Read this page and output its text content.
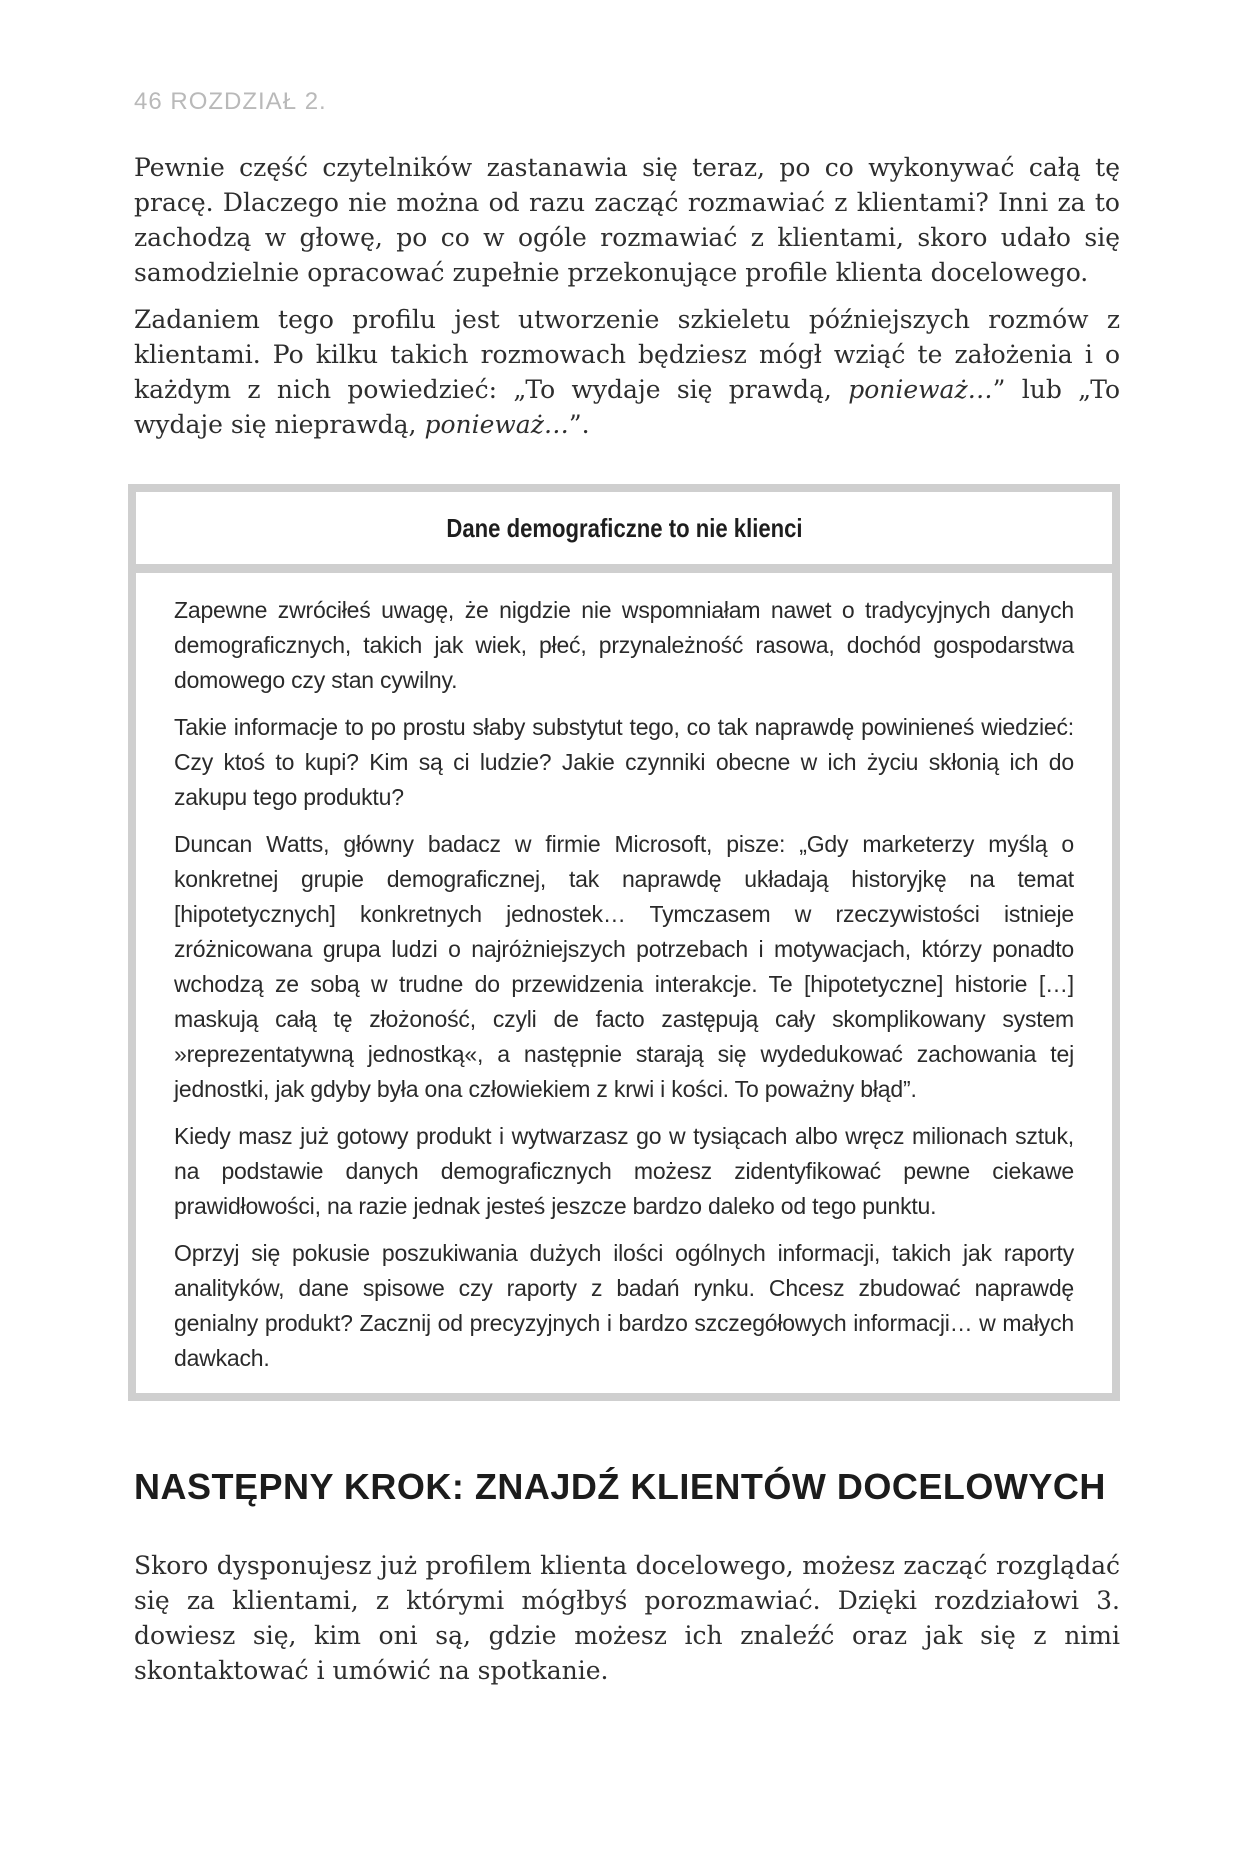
46 ROZDZIAŁ 2.

Pewnie część czytelników zastanawia się teraz, po co wykonywać całą tę pracę. Dlaczego nie można od razu zacząć rozmawiać z klientami? Inni za to zachodzą w głowę, po co w ogóle rozmawiać z klientami, skoro udało się samodzielnie opracować zupełnie przekonujące profile klienta docelowego.

Zadaniem tego profilu jest utworzenie szkieletu późniejszych rozmów z klientami. Po kilku takich rozmowach będziesz mógł wziąć te założenia i o każdym z nich powiedzieć: „To wydaje się prawdą, ponieważ…” lub „To wydaje się nieprawdą, ponieważ…”.

Dane demograficzne to nie klienci

Zapewne zwróciłeś uwagę, że nigdzie nie wspomniałam nawet o tradycyjnych danych demograficznych, takich jak wiek, płeć, przynależność rasowa, dochód gospodarstwa domowego czy stan cywilny.

Takie informacje to po prostu słaby substytut tego, co tak naprawdę powinieneś wiedzieć: Czy ktoś to kupi? Kim są ci ludzie? Jakie czynniki obecne w ich życiu skłonią ich do zakupu tego produktu?

Duncan Watts, główny badacz w firmie Microsoft, pisze: „Gdy marketerzy myślą o konkretnej grupie demograficznej, tak naprawdę układają historyjkę na temat [hipotetycznych] konkretnych jednostek… Tymczasem w rzeczywistości istnieje zróżnicowana grupa ludzi o najróżniejszych potrzebach i motywacjach, którzy ponadto wchodzą ze sobą w trudne do przewidzenia interakcje. Te [hipotetyczne] historie […] maskują całą tę złożoność, czyli de facto zastępują cały skomplikowany system »reprezentatywną jednostką«, a następnie starają się wydedukować zachowania tej jednostki, jak gdyby była ona człowiekiem z krwi i kości. To poważny błąd”.

Kiedy masz już gotowy produkt i wytwarzasz go w tysiącach albo wręcz milionach sztuk, na podstawie danych demograficznych możesz zidentyfikować pewne ciekawe prawidłowości, na razie jednak jesteś jeszcze bardzo daleko od tego punktu.

Oprzyj się pokusie poszukiwania dużych ilości ogólnych informacji, takich jak raporty analityków, dane spisowe czy raporty z badań rynku. Chcesz zbudować naprawdę genialny produkt? Zacznij od precyzyjnych i bardzo szczegółowych informacji… w małych dawkach.

NASTĘPNY KROK: ZNAJDŹ KLIENTÓW DOCELOWYCH

Skoro dysponujesz już profilem klienta docelowego, możesz zacząć rozglądać się za klientami, z którymi mógłbyś porozmawiać. Dzięki rozdziałowi 3. dowiesz się, kim oni są, gdzie możesz ich znaleźć oraz jak się z nimi skontaktować i umówić na spotkanie.
